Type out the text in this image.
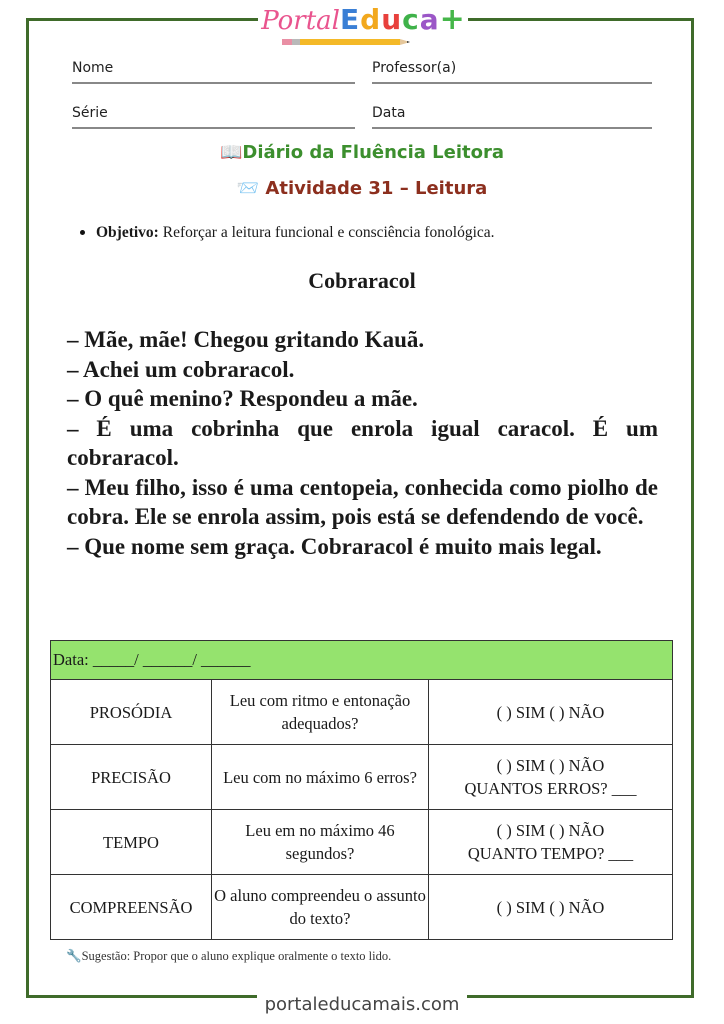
PortalEduca+
Nome	Professor(a)
Série	Data
📖Diário da Fluência Leitora
📨 Atividade 31 – Leitura
Objetivo: Reforçar a leitura funcional e consciência fonológica.
Cobraracol

– Mãe, mãe! Chegou gritando Kauã.

– Achei um cobraracol.

– O quê menino? Respondeu a mãe.

– É uma cobrinha que enrola igual caracol. É um cobraracol.

– Meu filho, isso é uma centopeia, conhecida como piolho de cobra. Ele se enrola assim, pois está se defendendo de você.

– Que nome sem graça. Cobraracol é muito mais legal.

Data: _____/ ______/ ______		
PROSÓDIA	Leu com ritmo e entonação adequados?	( ) SIM ( ) NÃO
PRECISÃO	Leu com no máximo 6 erros?	( ) SIM ( ) NÃO
QUANTOS ERROS? ___
TEMPO	Leu em no máximo 46 segundos?	( ) SIM ( ) NÃO
QUANTO TEMPO? ___
COMPREENSÃO	O aluno compreendeu o assunto do texto?	( ) SIM ( ) NÃO
🔧Sugestão: Propor que o aluno explique oralmente o texto lido.
portaleducamais.com
